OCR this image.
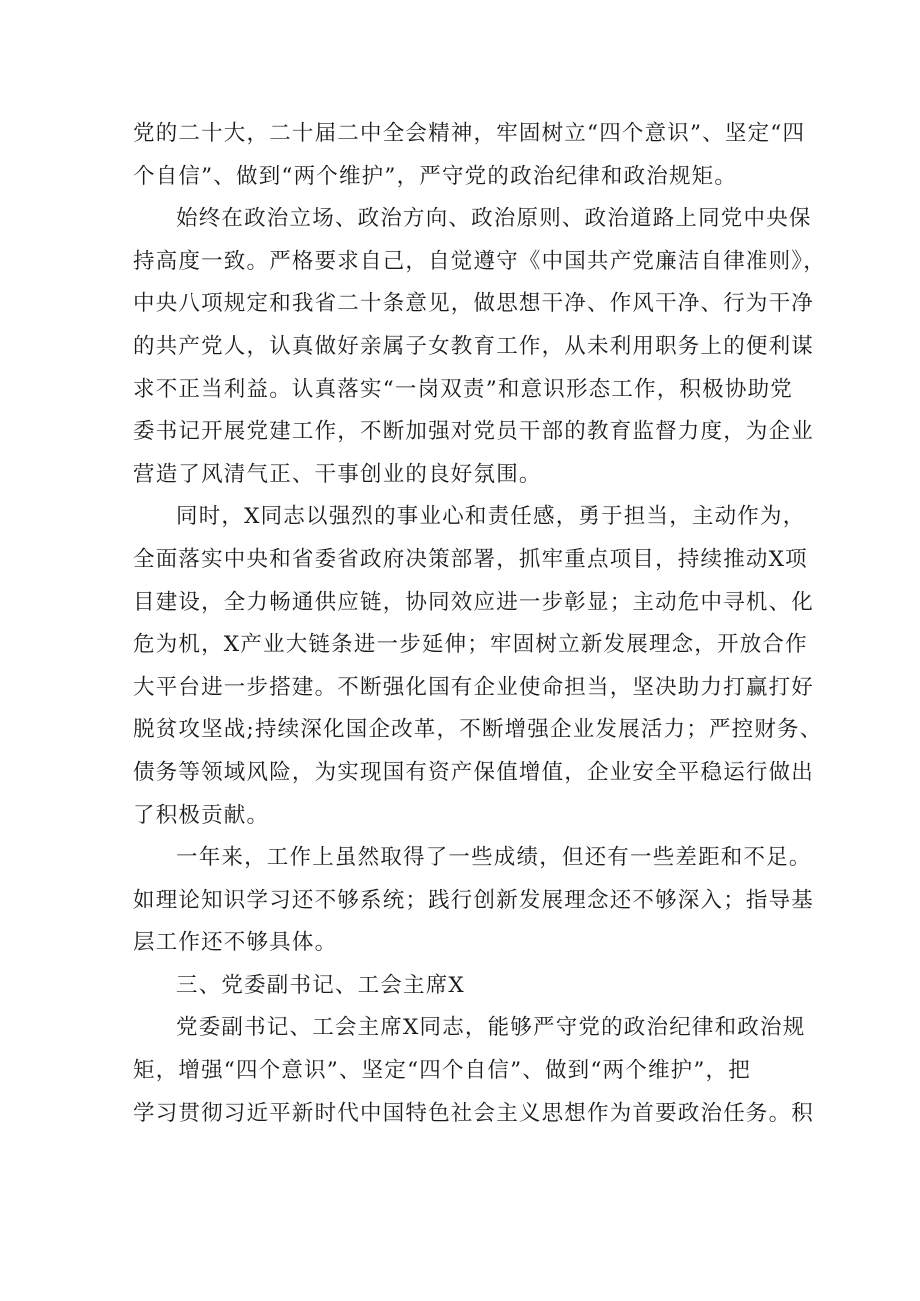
党的二十大，二十届二中全会精神，牢固树立“四个意识”、坚定“四
个自信”、做到“两个维护”，严守党的政治纪律和政治规矩。
始终在政治立场、政治方向、政治原则、政治道路上同党中央保
持高度一致。严格要求自己，自觉遵守《中国共产党廉洁自律准则》，
中央八项规定和我省二十条意见，做思想干净、作风干净、行为干净
的共产党人，认真做好亲属子女教育工作，从未利用职务上的便利谋
求不正当利益。认真落实“一岗双责”和意识形态工作，积极协助党
委书记开展党建工作，不断加强对党员干部的教育监督力度，为企业
营造了风清气正、干事创业的良好氛围。
同时，X同志以强烈的事业心和责任感，勇于担当，主动作为，
全面落实中央和省委省政府决策部署，抓牢重点项目，持续推动X项
目建设，全力畅通供应链，协同效应进一步彰显；主动危中寻机、化
危为机，X产业大链条进一步延伸；牢固树立新发展理念，开放合作
大平台进一步搭建。不断强化国有企业使命担当，坚决助力打赢打好
脱贫攻坚战;持续深化国企改革，不断增强企业发展活力；严控财务、
债务等领域风险，为实现国有资产保值增值，企业安全平稳运行做出
了积极贡献。
一年来，工作上虽然取得了一些成绩，但还有一些差距和不足。
如理论知识学习还不够系统；践行创新发展理念还不够深入；指导基
层工作还不够具体。
三、党委副书记、工会主席X
党委副书记、工会主席X同志，能够严守党的政治纪律和政治规
矩，增强“四个意识”、坚定“四个自信”、做到“两个维护”，把
学习贯彻习近平新时代中国特色社会主义思想作为首要政治任务。积
